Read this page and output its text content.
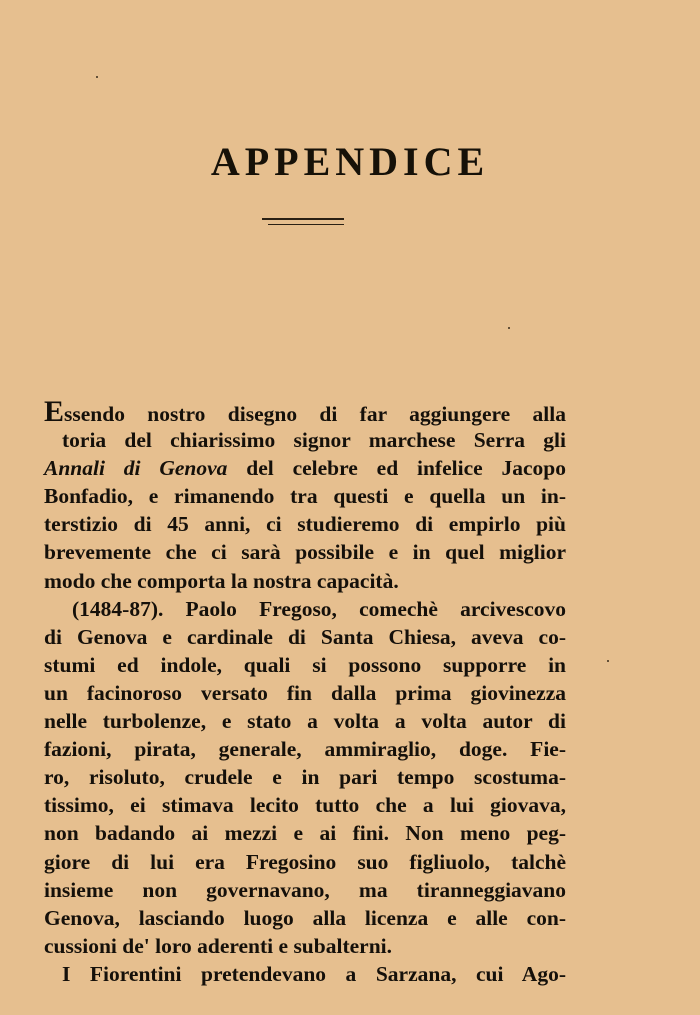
APPENDICE
Essendo nostro disegno di far aggiungere alla
toria del chiarissimo signor marchese Serra gli
Annali di Genova del celebre ed infelice Jacopo
Bonfadio, e rimanendo tra questi e quella un in-
terstizio di 45 anni, ci studieremo di empirlo più
brevemente che ci sarà possibile e in quel miglior
modo che comporta la nostra capacità.
(1484-87). Paolo Fregoso, comechè arcivescovo
di Genova e cardinale di Santa Chiesa, aveva co-
stumi ed indole, quali si possono supporre in
un facinoroso versato fin dalla prima giovinezza
nelle turbolenze, e stato a volta a volta autor di
fazioni, pirata, generale, ammiraglio, doge. Fie-
ro, risoluto, crudele e in pari tempo scostuma-
tissimo, ei stimava lecito tutto che a lui giovava,
non badando ai mezzi e ai fini. Non meno peg-
giore di lui era Fregosino suo figliuolo, talchè
insieme non governavano, ma tiranneggiavano
Genova, lasciando luogo alla licenza e alle con-
cussioni de' loro aderenti e subalterni.
I Fiorentini pretendevano a Sarzana, cui Ago-
